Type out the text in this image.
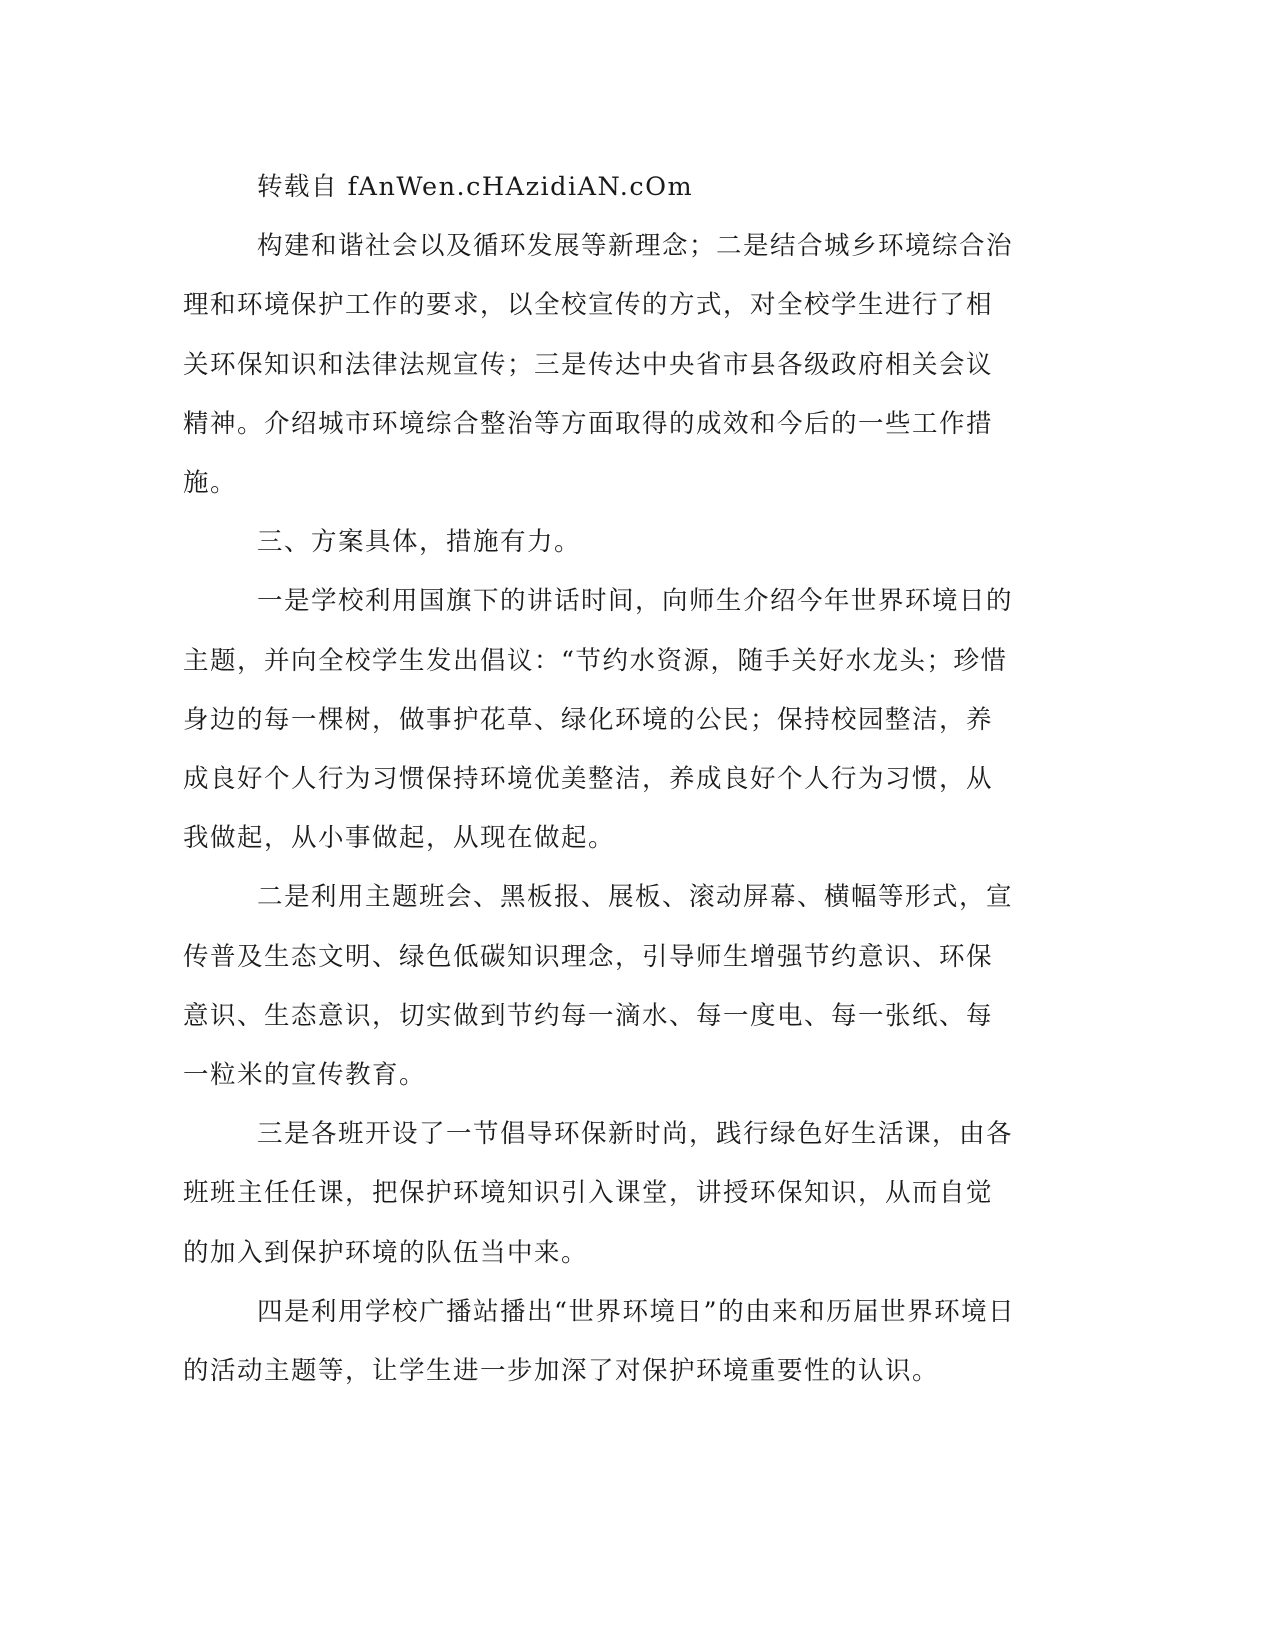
转载自 fAnWen.cHAzidiAN.cOm

构建和谐社会以及循环发展等新理念；二是结合城乡环境综合治
理和环境保护工作的要求，以全校宣传的方式，对全校学生进行了相
关环保知识和法律法规宣传；三是传达中央省市县各级政府相关会议
精神。介绍城市环境综合整治等方面取得的成效和今后的一些工作措
施。

三、方案具体，措施有力。

一是学校利用国旗下的讲话时间，向师生介绍今年世界环境日的
主题，并向全校学生发出倡议：“节约水资源，随手关好水龙头；珍惜
身边的每一棵树，做事护花草、绿化环境的公民；保持校园整洁，养
成良好个人行为习惯保持环境优美整洁，养成良好个人行为习惯，从
我做起，从小事做起，从现在做起。

二是利用主题班会、黑板报、展板、滚动屏幕、横幅等形式，宣
传普及生态文明、绿色低碳知识理念，引导师生增强节约意识、环保
意识、生态意识，切实做到节约每一滴水、每一度电、每一张纸、每
一粒米的宣传教育。

三是各班开设了一节倡导环保新时尚，践行绿色好生活课，由各
班班主任任课，把保护环境知识引入课堂，讲授环保知识，从而自觉
的加入到保护环境的队伍当中来。

四是利用学校广播站播出“世界环境日”的由来和历届世界环境日
的活动主题等，让学生进一步加深了对保护环境重要性的认识。
